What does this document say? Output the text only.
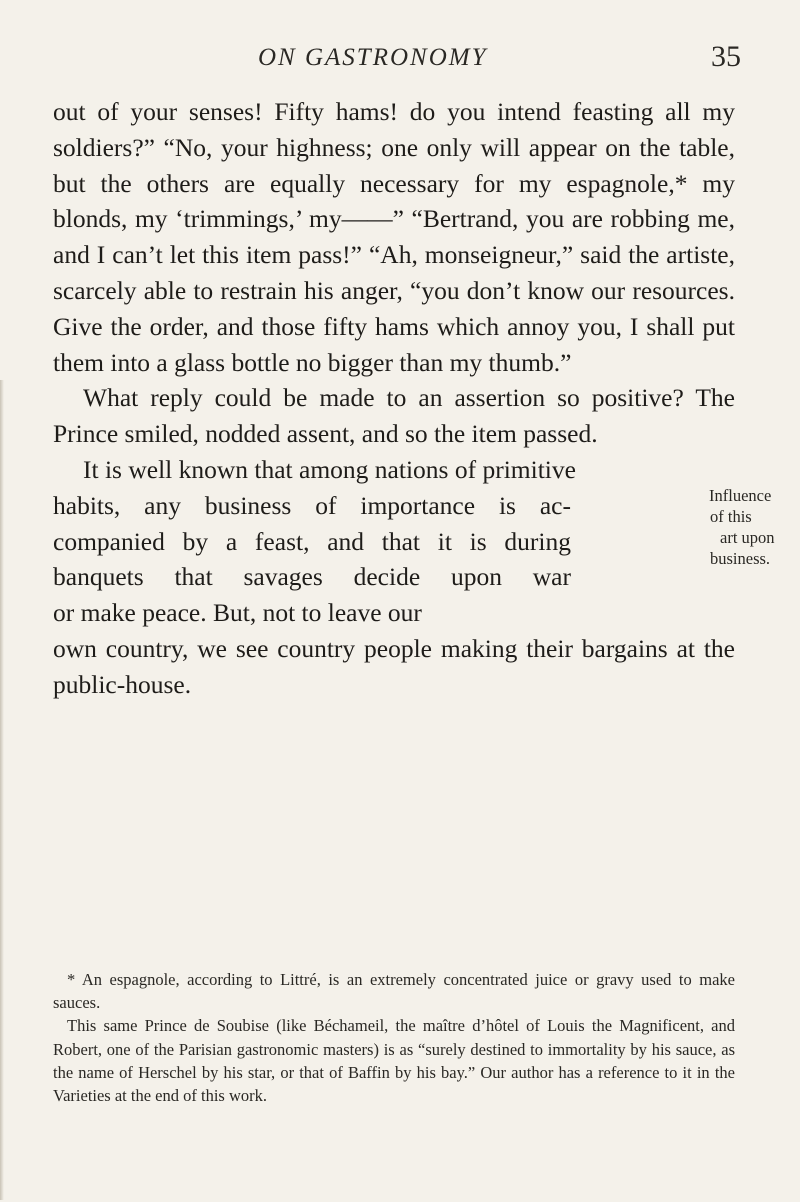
ON GASTRONOMY	35

out of your senses! Fifty hams! do you intend feasting all my soldiers?” “No, your highness; one only will appear on the table, but the others are equally necessary for my espagnole,* my blonds, my ‘trimmings,’ my——” “Bertrand, you are robbing me, and I can’t let this item pass!” “Ah, monseigneur,” said the artiste, scarcely able to restrain his anger, “you don’t know our resources. Give the order, and those fifty hams which annoy you, I shall put them into a glass bottle no bigger than my thumb.”

What reply could be made to an assertion so positive? The Prince smiled, nodded assent, and so the item passed.

It is well known that among nations of primitive

habits, any business of importance is ac-
companied by a feast, and that it is during
banquets that savages decide upon war
or make peace. But, not to leave our
Influence
of this
art upon
business.

own country, we see country people making their bargains at the public-house.

* An espagnole, according to Littré, is an extremely concentrated juice or gravy used to make sauces.

This same Prince de Soubise (like Béchameil, the maître d’hôtel of Louis the Magnificent, and Robert, one of the Parisian gastronomic masters) is as “surely destined to immortality by his sauce, as the name of Herschel by his star, or that of Baffin by his bay.” Our author has a reference to it in the Varieties at the end of this work.
